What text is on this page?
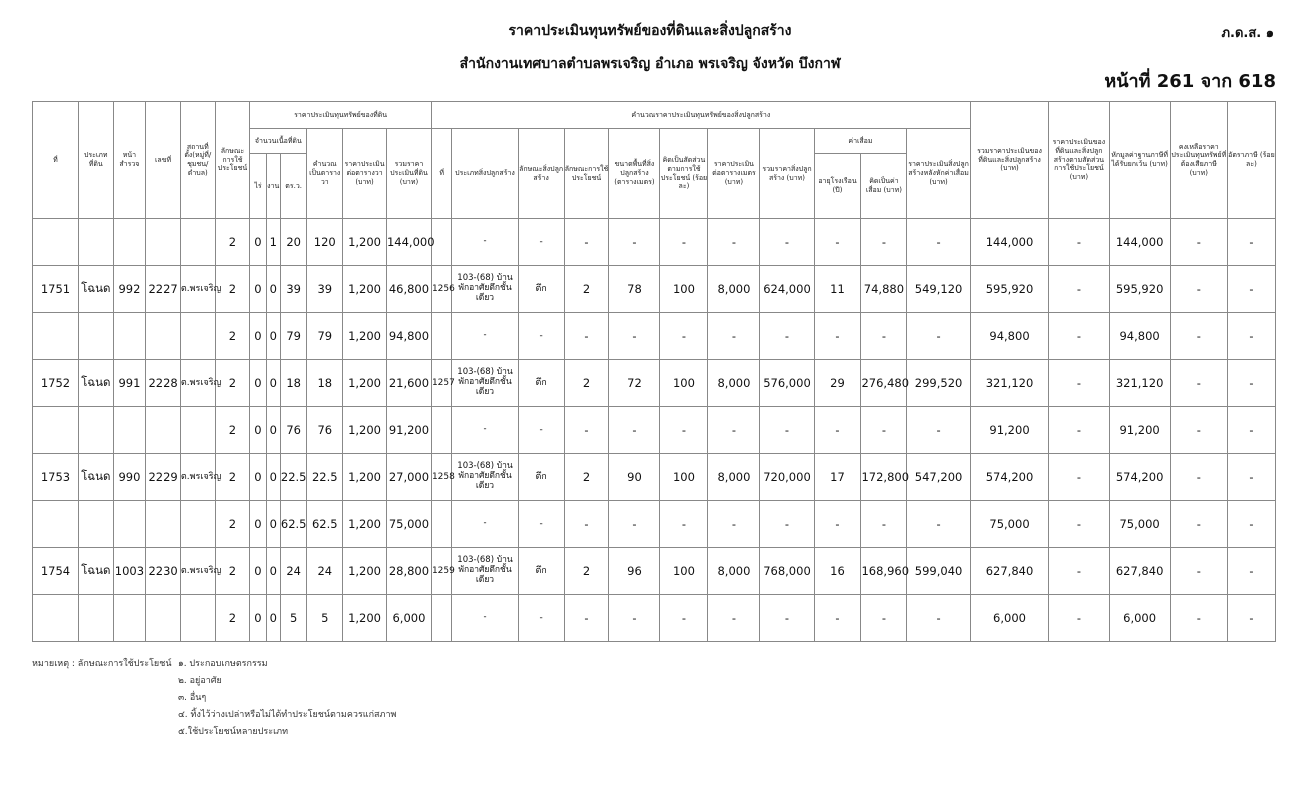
ราคาประเมินทุนทรัพย์ของที่ดินและสิ่งปลูกสร้าง
สำนักงานเทศบาลตำบลพรเจริญ อำเภอ พรเจริญ จังหวัด บึงกาฬ
ภ.ด.ส. ๑
หน้าที่ 261 จาก 618
ที่	ประเภทที่ดิน	หน้าสำรวจ	เลขที่	สถานที่ตั้ง(หมู่ที่/ชุมชน/ตำบล)	ลักษณะการใช้ประโยชน์	ราคาประเมินทุนทรัพย์ของที่ดิน						คำนวณราคาประเมินทุนทรัพย์ของสิ่งปลูกสร้าง											รวมราคาประเมินของที่ดินและสิ่งปลูกสร้าง (บาท)	ราคาประเมินของที่ดินและสิ่งปลูกสร้างตามสัดส่วนการใช้ประโยชน์ (บาท)	หักมูลค่าฐานภาษีที่ได้รับยกเว้น (บาท)	คงเหลือราคาประเมินทุนทรัพย์ที่ต้องเสียภาษี (บาท)	อัตราภาษี (ร้อยละ)
						จำนวนเนื้อที่ดิน			คำนวณเป็นตารางวา	ราคาประเมินต่อตารางวา (บาท)	รวมราคาประเมินที่ดิน (บาท)	ที่	ประเภทสิ่งปลูกสร้าง	ลักษณะสิ่งปลูกสร้าง	ลักษณะการใช้ประโยชน์	ขนาดพื้นที่สิ่งปลูกสร้าง (ตารางเมตร)	คิดเป็นสัดส่วนตามการใช้ประโยชน์ (ร้อยละ)	ราคาประเมินต่อตารางเมตร (บาท)	รวมราคาสิ่งปลูกสร้าง (บาท)	ค่าเสื่อม		ราคาประเมินสิ่งปลูกสร้างหลังหักค่าเสื่อม (บาท)					
						ไร่	งาน	ตร.ว.												อายุโรงเรือน (ปี)	คิดเป็นค่าเสื่อม (บาท)						
					2	0	1	20	120	1,200	144,000		-	-	-	-	-	-	-	-	-	-	144,000	-	144,000	-	-
1751	โฉนด	992	2227	ต.พรเจริญ	2	0	0	39	39	1,200	46,800	1256	103-(68) บ้านพักอาศัยตึกชั้นเดียว	ตึก	2	78	100	8,000	624,000	11	74,880	549,120	595,920	-	595,920	-	-
					2	0	0	79	79	1,200	94,800		-	-	-	-	-	-	-	-	-	-	94,800	-	94,800	-	-
1752	โฉนด	991	2228	ต.พรเจริญ	2	0	0	18	18	1,200	21,600	1257	103-(68) บ้านพักอาศัยตึกชั้นเดียว	ตึก	2	72	100	8,000	576,000	29	276,480	299,520	321,120	-	321,120	-	-
					2	0	0	76	76	1,200	91,200		-	-	-	-	-	-	-	-	-	-	91,200	-	91,200	-	-
1753	โฉนด	990	2229	ต.พรเจริญ	2	0	0	22.5	22.5	1,200	27,000	1258	103-(68) บ้านพักอาศัยตึกชั้นเดียว	ตึก	2	90	100	8,000	720,000	17	172,800	547,200	574,200	-	574,200	-	-
					2	0	0	62.5	62.5	1,200	75,000		-	-	-	-	-	-	-	-	-	-	75,000	-	75,000	-	-
1754	โฉนด	1003	2230	ต.พรเจริญ	2	0	0	24	24	1,200	28,800	1259	103-(68) บ้านพักอาศัยตึกชั้นเดียว	ตึก	2	96	100	8,000	768,000	16	168,960	599,040	627,840	-	627,840	-	-
					2	0	0	5	5	1,200	6,000		-	-	-	-	-	-	-	-	-	-	6,000	-	6,000	-	-
หมายเหตุ : ลักษณะการใช้ประโยชน์ ๑. ประกอบเกษตรกรรม
๒. อยู่อาศัย
๓. อื่นๆ
๔. ทิ้งไว้ว่างเปล่าหรือไม่ได้ทำประโยชน์ตามควรแก่สภาพ
๕.ใช้ประโยชน์หลายประเภท
